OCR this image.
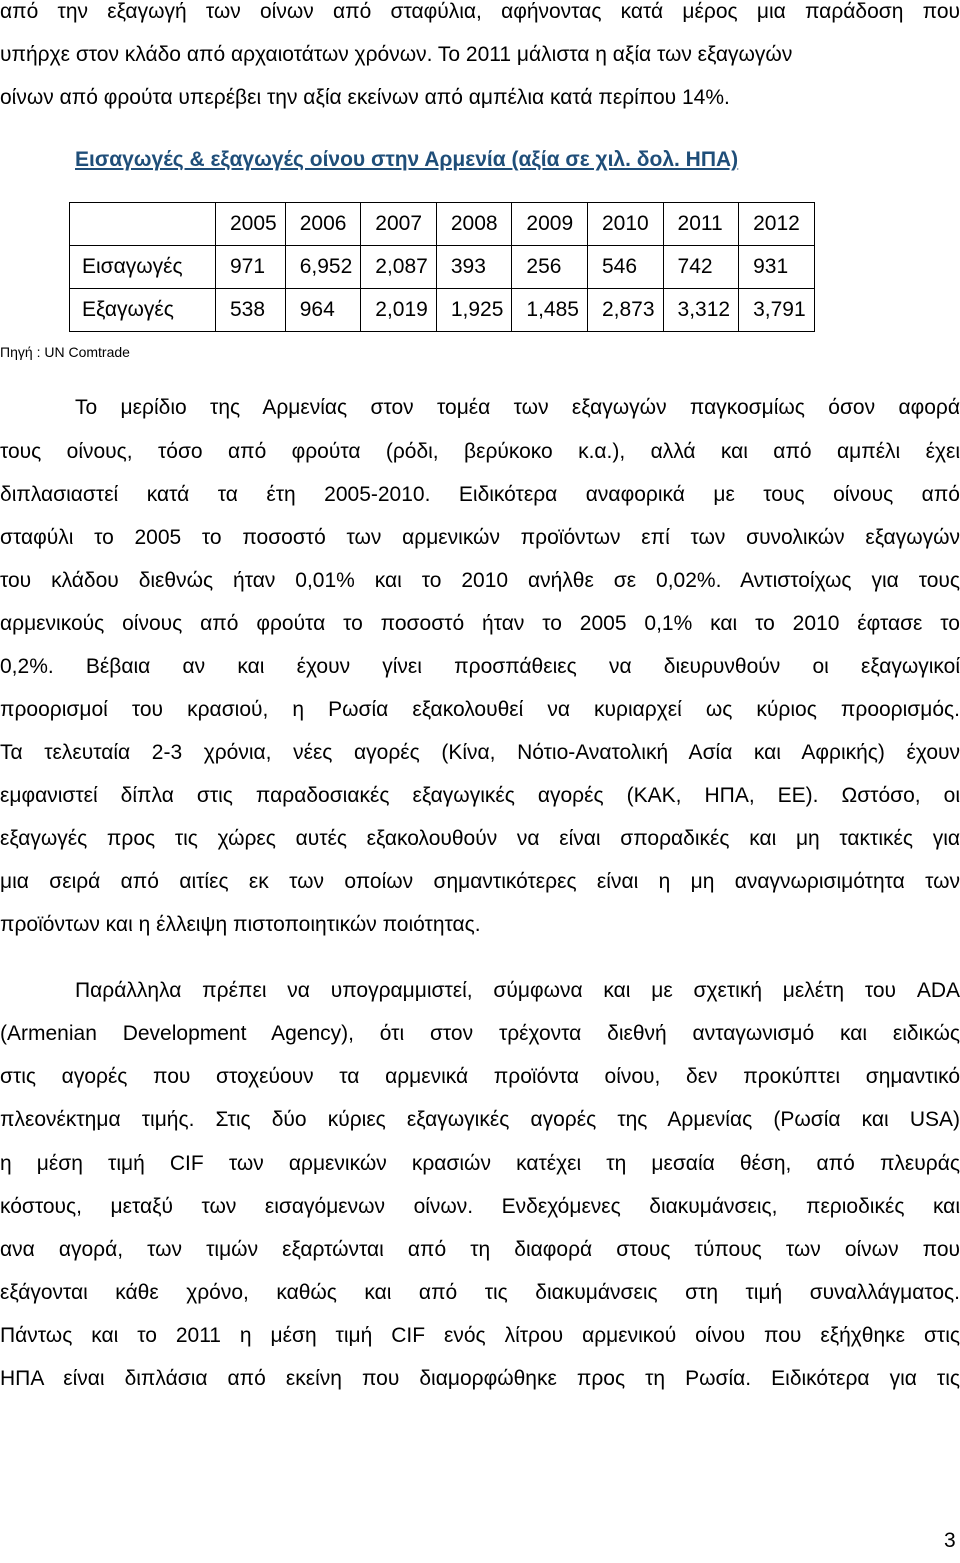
από την εξαγωγή των οίνων από σταφύλια, αφήνοντας κατά μέρος μια παράδοση που
υπήρχε στον κλάδο από αρχαιοτάτων χρόνων. Το 2011 μάλιστα η αξία των εξαγωγών
οίνων από φρούτα υπερέβει την αξία εκείνων από αμπέλια κατά περίπου 14%.
Εισαγωγές & εξαγωγές οίνου στην Αρμενία (αξία σε χιλ. δολ. ΗΠΑ)
	2005	2006	2007	2008	2009	2010	2011	2012
Εισαγωγές	971	6,952	2,087	393	256	546	742	931
Εξαγωγές	538	964	2,019	1,925	1,485	2,873	3,312	3,791
Πηγή : UN Comtrade
Το μερίδιο της Αρμενίας στον τομέα των εξαγωγών παγκοσμίως όσον αφορά
τους οίνους, τόσο από φρούτα (ρόδι, βερύκοκο κ.α.), αλλά και από αμπέλι έχει
διπλασιαστεί κατά τα έτη 2005-2010. Ειδικότερα αναφορικά με τους οίνους από
σταφύλι το 2005 το ποσοστό των αρμενικών προϊόντων επί των συνολικών εξαγωγών
του κλάδου διεθνώς ήταν 0,01% και το 2010 ανήλθε σε 0,02%. Αντιστοίχως για τους
αρμενικούς οίνους από φρούτα το ποσοστό ήταν το 2005 0,1% και το 2010 έφτασε το
0,2%. Βέβαια αν και έχουν γίνει προσπάθειες να διευρυνθούν οι εξαγωγικοί
προορισμοί του κρασιού, η Ρωσία εξακολουθεί να κυριαρχεί ως κύριος προορισμός.
Τα τελευταία 2-3 χρόνια, νέες αγορές (Κίνα, Νότιο-Ανατολική Ασία και Αφρικής) έχουν
εμφανιστεί δίπλα στις παραδοσιακές εξαγωγικές αγορές (ΚΑΚ, ΗΠΑ, ΕΕ). Ωστόσο, οι
εξαγωγές προς τις χώρες αυτές εξακολουθούν να είναι σποραδικές και μη τακτικές για
μια σειρά από αιτίες εκ των οποίων σημαντικότερες είναι η μη αναγνωρισιμότητα των
προϊόντων και η έλλειψη πιστοποιητικών ποιότητας.
Παράλληλα πρέπει να υπογραμμιστεί, σύμφωνα και με σχετική μελέτη του ADA
(Armenian Development Agency), ότι στον τρέχοντα διεθνή ανταγωνισμό και ειδικώς
στις αγορές που στοχεύουν τα αρμενικά προϊόντα οίνου, δεν προκύπτει σημαντικό
πλεονέκτημα τιμής. Στις δύο κύριες εξαγωγικές αγορές της Αρμενίας (Ρωσία και USA)
η μέση τιμή CIF των αρμενικών κρασιών κατέχει τη μεσαία θέση, από πλευράς
κόστους, μεταξύ των εισαγόμενων οίνων. Ενδεχόμενες διακυμάνσεις, περιοδικές και
ανα αγορά, των τιμών εξαρτώνται από τη διαφορά στους τύπους των οίνων που
εξάγονται κάθε χρόνο, καθώς και από τις διακυμάνσεις στη τιμή συναλλάγματος.
Πάντως και το 2011 η μέση τιμή CIF ενός λίτρου αρμενικού οίνου που εξήχθηκε στις
ΗΠΑ είναι διπλάσια από εκείνη που διαμορφώθηκε προς τη Ρωσία. Ειδικότερα για τις
3
